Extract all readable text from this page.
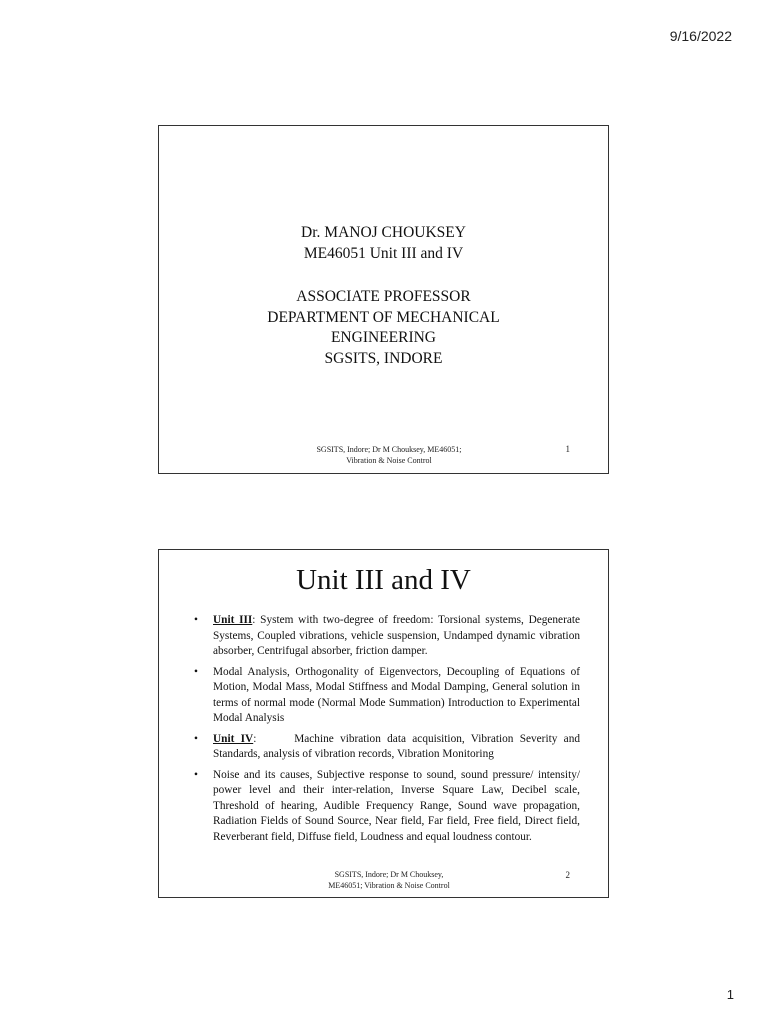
9/16/2022
Dr. MANOJ CHOUKSEY
ME46051 Unit III and IV
ASSOCIATE PROFESSOR
DEPARTMENT OF MECHANICAL
ENGINEERING
SGSITS, INDORE
SGSITS, Indore; Dr M Chouksey, ME46051;
Vibration & Noise Control
1
Unit III and IV
• Unit III: System with two-degree of freedom: Torsional systems, Degenerate Systems, Coupled vibrations, vehicle suspension, Undamped dynamic vibration absorber, Centrifugal absorber, friction damper.
• Modal Analysis, Orthogonality of Eigenvectors, Decoupling of Equations of Motion, Modal Mass, Modal Stiffness and Modal Damping, General solution in terms of normal mode (Normal Mode Summation) Introduction to Experimental Modal Analysis
• Unit IV:      Machine vibration data acquisition, Vibration Severity and Standards, analysis of vibration records, Vibration Monitoring
• Noise and its causes, Subjective response to sound, sound pressure/ intensity/ power level and their inter-relation, Inverse Square Law, Decibel scale, Threshold of hearing, Audible Frequency Range, Sound wave propagation, Radiation Fields of Sound Source, Near field, Far field, Free field, Direct field, Reverberant field, Diffuse field, Loudness and equal loudness contour.
SGSITS, Indore; Dr M Chouksey,
ME46051; Vibration & Noise Control
2
1
